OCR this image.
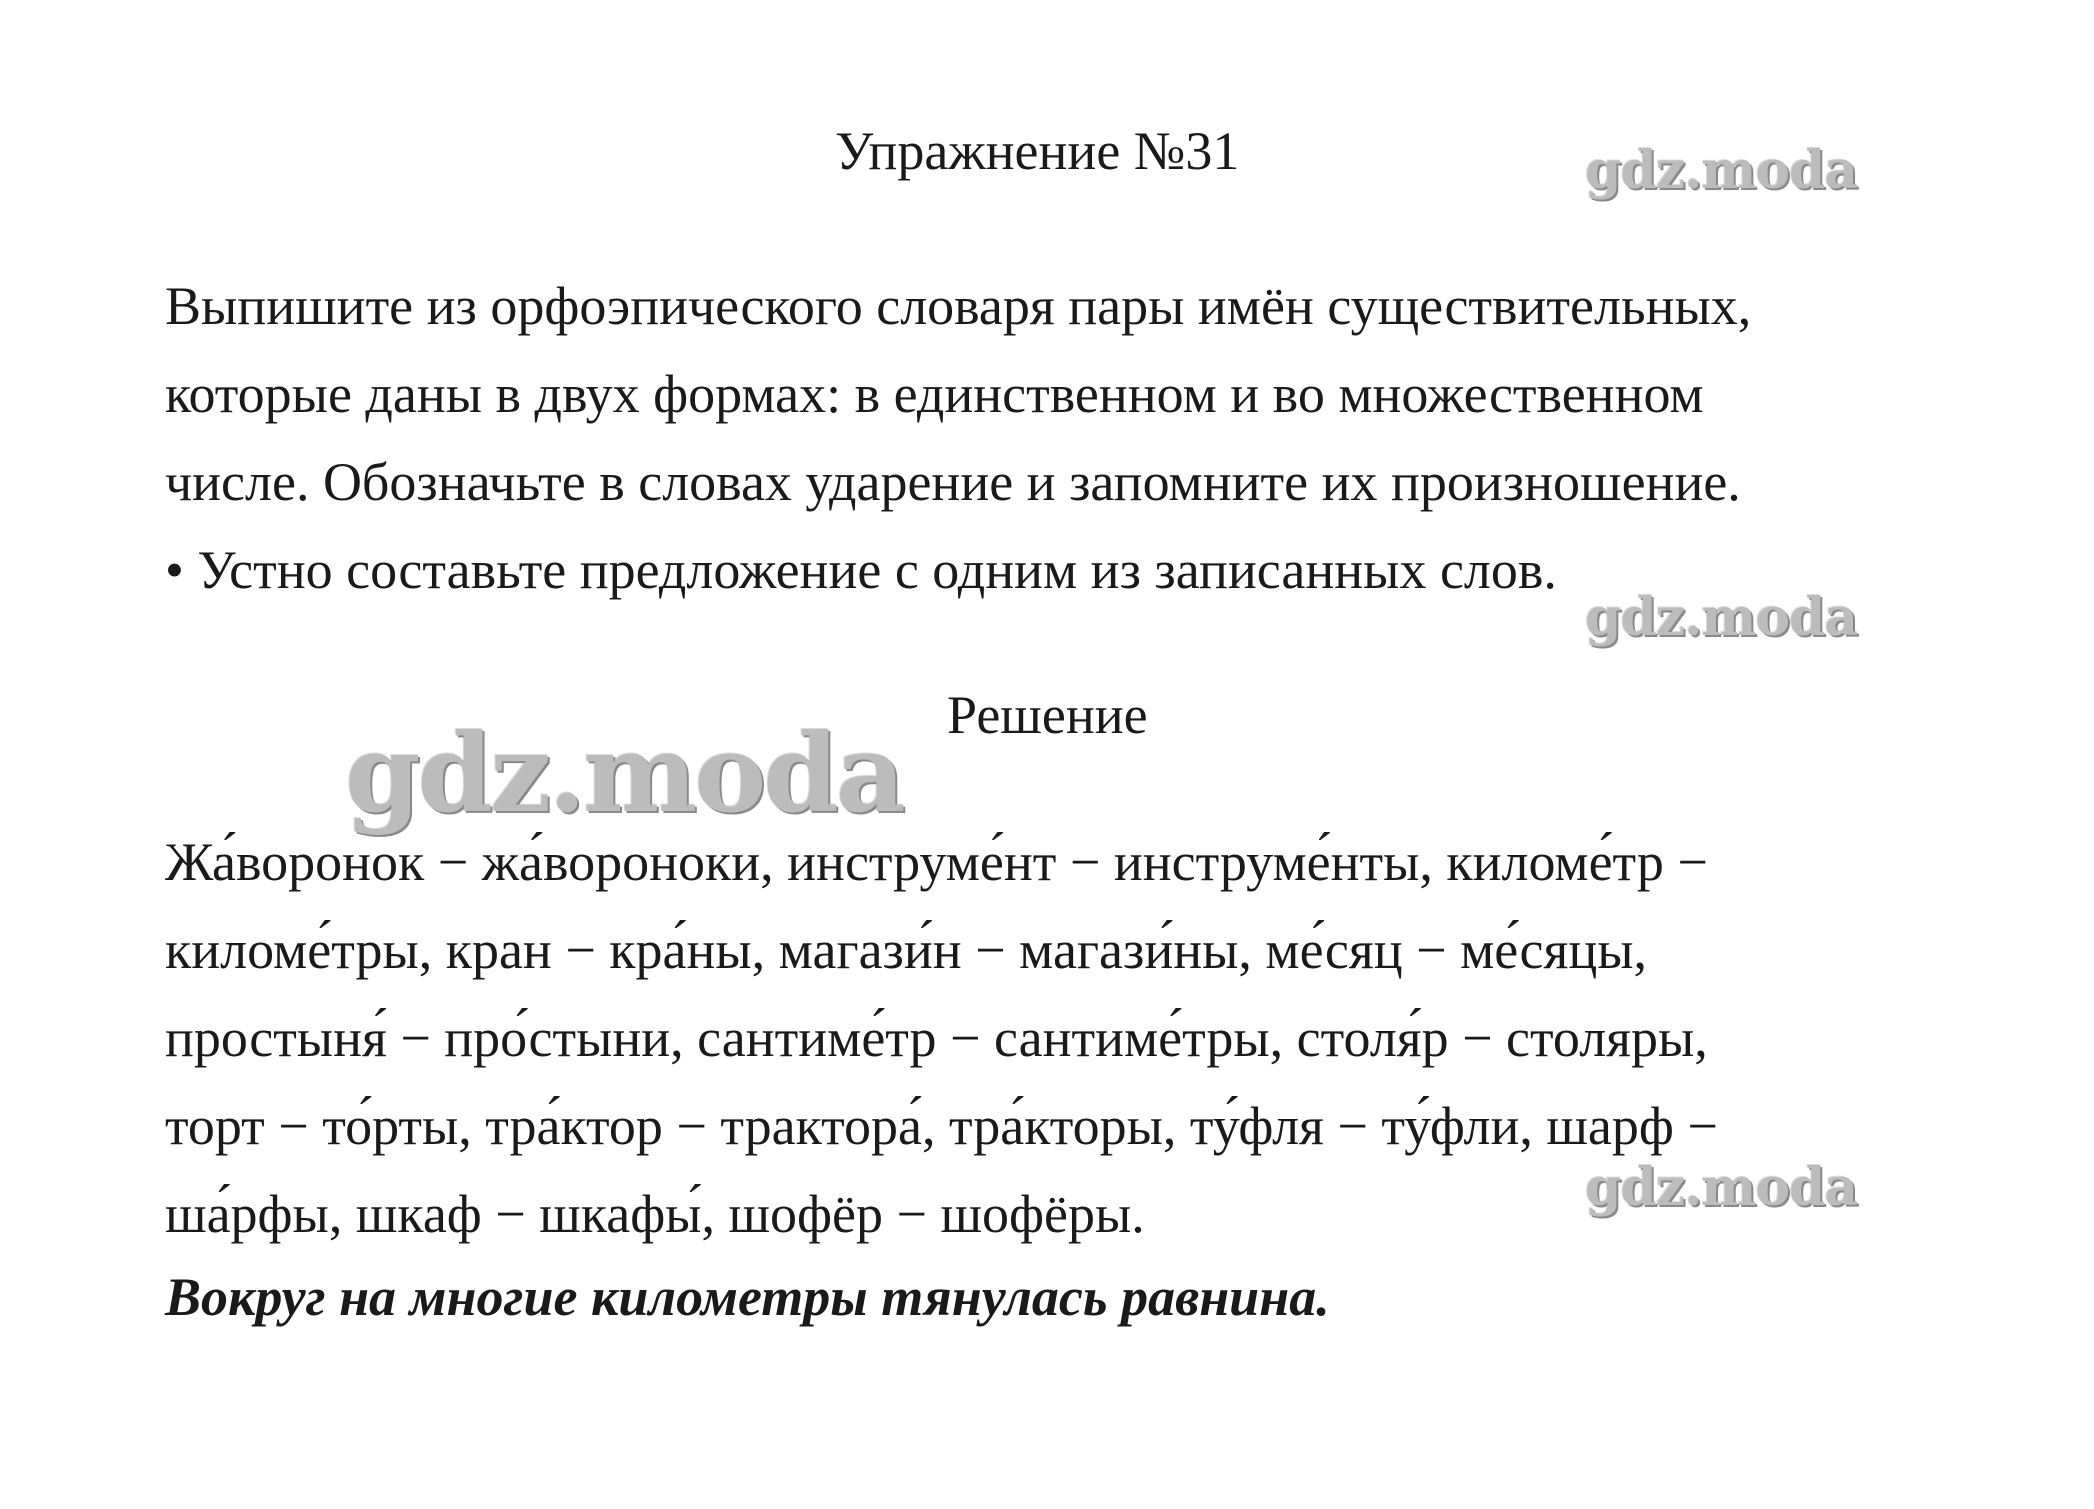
Упражнение №31	gdz.moda
Выпишите из орфоэпического словаря пары имён существительных,
которые даны в двух формах: в единственном и во множественном
числе. Обозначьте в словах ударение и запомните их произношение.
• Устно составьте предложение с одним из записанных слов.
gdz.moda
Решение
gdz.moda
Жа́воронок − жа́вороноки, инструме́нт − инструме́нты, киломе́тр −
киломе́тры, кран − кра́ны, магази́н − магази́ны, ме́сяц − ме́сяцы,
простыня́ − про́стыни, сантиме́тр − сантиме́тры, столя́р − столяры,
торт − то́рты, тра́ктор − трактора́, тра́кторы, ту́фля − ту́фли, шарф −
ша́рфы, шкаф − шкафы́, шофёр − шофёры.	gdz.moda
Вокруг на многие километры тянулась равнина.
